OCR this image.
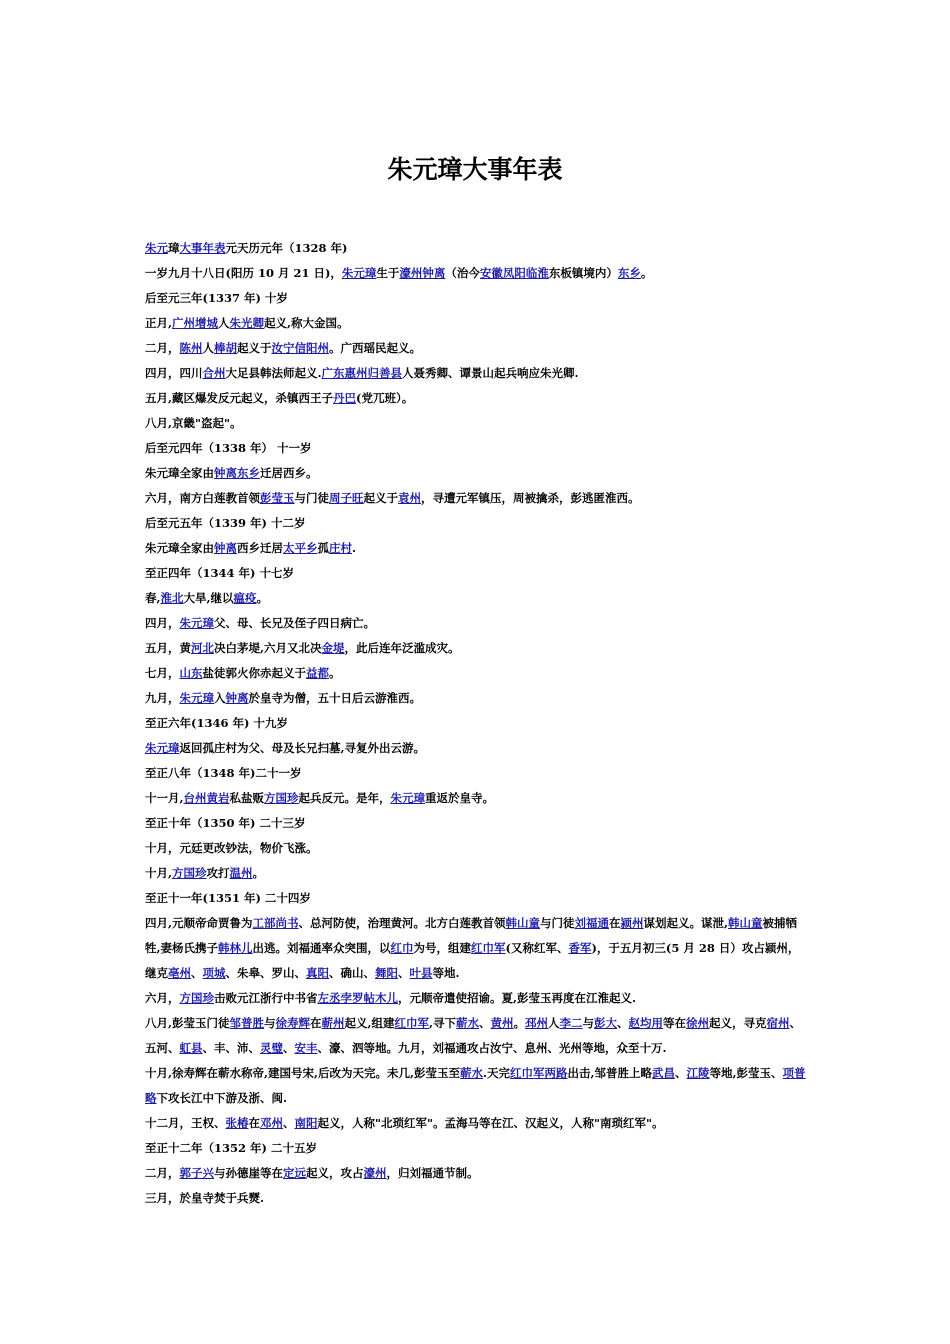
朱元璋大事年表

朱元璋大事年表元天历元年（1328 年)

一岁九月十八日(阳历 10 月 21 日)，朱元璋生于濠州钟离（治今安徽凤阳临淮东板镇境内）东乡。

后至元三年(1337 年) 十岁

正月,广州增城人朱光卿起义,称大金国。

二月，陈州人棒胡起义于汝宁信阳州。广西瑶民起义。

四月，四川合州大足县韩法师起义.广东惠州归善县人聂秀卿、谭景山起兵响应朱光卿.

五月,藏区爆发反元起义，杀镇西王子丹巴(党兀班）。

八月,京畿"盗起"。

后至元四年（1338 年） 十一岁

朱元璋全家由钟离东乡迁居西乡。

六月，南方白莲教首领彭莹玉与门徒周子旺起义于袁州，寻遭元军镇压，周被擒杀，彭逃匿淮西。

后至元五年（1339 年) 十二岁

朱元璋全家由钟离西乡迁居太平乡孤庄村.

至正四年（1344 年) 十七岁

春,淮北大旱,继以瘟疫。

四月，朱元璋父、母、长兄及侄子四日病亡。

五月，黄河北决白茅堤,六月又北决金堤，此后连年泛滥成灾。

七月，山东盐徒郭火你赤起义于益都。

九月，朱元璋入钟离於皇寺为僧，五十日后云游淮西。

至正六年(1346 年) 十九岁

朱元璋返回孤庄村为父、母及长兄扫墓,寻复外出云游。

至正八年（1348 年)二十一岁

十一月,台州黄岩私盐贩方国珍起兵反元。是年，朱元璋重返於皇寺。

至正十年（1350 年) 二十三岁

十月，元廷更改钞法，物价飞涨。

十月,方国珍攻打温州。

至正十一年(1351 年) 二十四岁

四月,元顺帝命贾鲁为工部尚书、总河防使，治理黄河。北方白莲教首领韩山童与门徒刘福通在颍州谋划起义。谋泄,韩山童被捕牺牲,妻杨氏携子韩林儿出逃。刘福通率众突围，以红巾为号，组建红巾军(又称红军、香军)，于五月初三(5 月 28 日）攻占颍州，继克亳州、项城、朱皋、罗山、真阳、确山、舞阳、叶县等地.

六月，方国珍击败元江浙行中书省左丞孛罗帖木儿，元顺帝遣使招谕。夏,彭莹玉再度在江淮起义.

八月,彭莹玉门徒邹普胜与徐寿辉在蕲州起义,组建红巾军,寻下蕲水、黄州。邳州人李二与彭大、赵均用等在徐州起义，寻克宿州、五河、虹县、丰、沛、灵璧、安丰、濠、泗等地。九月，刘福通攻占汝宁、息州、光州等地，众至十万.

十月,徐寿辉在蕲水称帝,建国号宋,后改为天完。未几,彭莹玉至蕲水.天完红巾军两路出击,邹普胜上略武昌、江陵等地,彭莹玉、项普略下攻长江中下游及浙、闽.

十二月，王权、张椿在邓州、南阳起义，人称"北琐红军"。孟海马等在江、汉起义，人称"南琐红军"。

至正十二年（1352 年) 二十五岁

二月，郭子兴与孙德崖等在定远起义，攻占濠州，归刘福通节制。

三月，於皇寺焚于兵燹.
